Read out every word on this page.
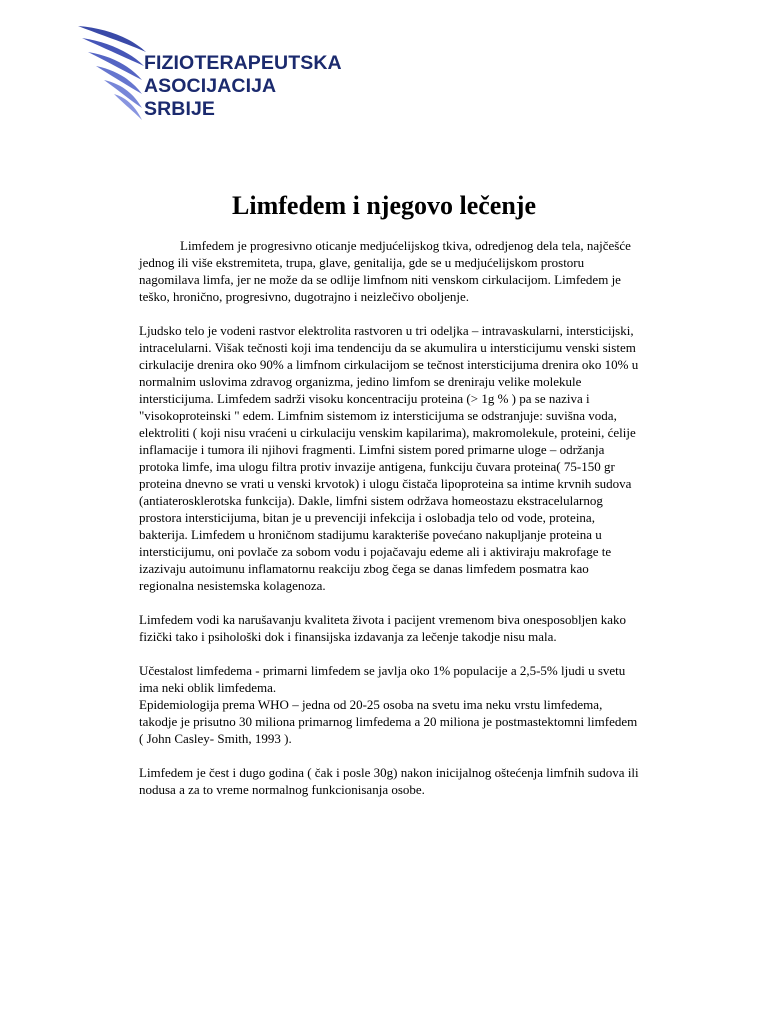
FIZIOTERAPEUTSKA
ASOCIJACIJA
SRBIJE
Limfedem i njegovo lečenje

Limfedem je progresivno oticanje medjućelijskog tkiva, odredjenog dela tela, najčešće jednog ili više ekstremiteta, trupa, glave, genitalija, gde se u medjućelijskom prostoru nagomilava limfa, jer ne može da se odlije limfnom niti venskom cirkulacijom. Limfedem je teško, hronično, progresivno, dugotrajno i neizlečivo oboljenje.

Ljudsko telo je vodeni rastvor elektrolita rastvoren u tri odeljka – intravaskularni, intersticijski, intracelularni. Višak tečnosti koji ima tendenciju da se akumulira u intersticijumu venski sistem cirkulacije drenira oko 90% a limfnom cirkulacijom se tečnost intersticijuma drenira oko 10% u normalnim uslovima zdravog organizma, jedino limfom se dreniraju velike molekule intersticijuma. Limfedem sadrži visoku koncentraciju proteina (> 1g % ) pa se naziva i "visokoproteinski " edem. Limfnim sistemom iz intersticijuma se odstranjuje: suvišna voda, elektroliti ( koji nisu vraćeni u cirkulaciju venskim kapilarima), makromolekule, proteini, ćelije inflamacije i tumora ili njihovi fragmenti. Limfni sistem pored primarne uloge – održanja protoka limfe, ima ulogu filtra protiv invazije antigena, funkciju čuvara proteina( 75-150 gr proteina dnevno se vrati u venski krvotok) i ulogu čistača lipoproteina sa intime krvnih sudova (antiaterosklerotska funkcija). Dakle, limfni sistem održava homeostazu ekstracelularnog prostora intersticijuma, bitan je u prevenciji infekcija i oslobadja telo od vode, proteina, bakterija. Limfedem u hroničnom stadijumu karakteriše povećano nakupljanje proteina u intersticijumu, oni povlače za sobom vodu i pojačavaju edeme ali i aktiviraju makrofage te izazivaju autoimunu inflamatornu reakciju zbog čega se danas limfedem posmatra kao regionalna nesistemska kolagenoza.

Limfedem vodi ka narušavanju kvaliteta života i pacijent vremenom biva onesposobljen kako fizički tako i psihološki dok i finansijska izdavanja za lečenje takodje nisu mala.

Učestalost limfedema - primarni limfedem se javlja oko 1% populacije a 2,5-5% ljudi u svetu ima neki oblik limfedema.
Epidemiologija prema WHO – jedna od 20-25 osoba na svetu ima neku vrstu limfedema, takodje je prisutno 30 miliona primarnog limfedema a 20 miliona je postmastektomni limfedem ( John Casley- Smith, 1993 ).

Limfedem je čest i dugo godina ( čak i posle 30g) nakon inicijalnog oštećenja limfnih sudova ili nodusa a za to vreme normalnog funkcionisanja osobe.
